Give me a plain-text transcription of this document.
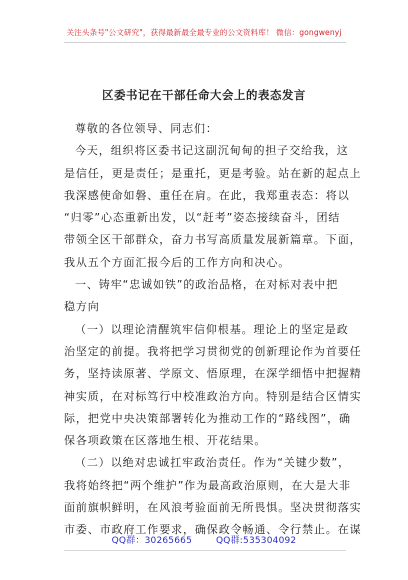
关注头条号"公文研究"，获得最新最全最专业的公文资料库！ 微信：gongwenyj
区委书记在干部任命大会上的表态发言
尊敬的各位领导、同志们：
今天，组织将区委书记这副沉甸甸的担子交给我，这
是信任，更是责任；是重托，更是考验。站在新的起点上
我深感使命如磐、重任在肩。在此，我郑重表态：将以
“归零”心态重新出发，以“赶考”姿态接续奋斗，团结
带领全区干部群众，奋力书写高质量发展新篇章。下面，
我从五个方面汇报今后的工作方向和决心。
一、铸牢“忠诚如铁”的政治品格，在对标对表中把
稳方向
（一）以理论清醒筑牢信仰根基。理论上的坚定是政
治坚定的前提。我将把学习贯彻党的创新理论作为首要任
务，坚持读原著、学原文、悟原理，在深学细悟中把握精
神实质，在对标笃行中校准政治方向。特别是结合区情实
际，把党中央决策部署转化为推动工作的“路线图”，确
保各项政策在区落地生根、开花结果。
（二）以绝对忠诚扛牢政治责任。作为“关键少数”，
我将始终把“两个维护”作为最高政治原则，在大是大非
面前旗帜鲜明，在风浪考验面前无所畏惧。坚决贯彻落实
市委、市政府工作要求，确保政令畅通、令行禁止。在谋
QQ群：30265665	QQ群:535304092
